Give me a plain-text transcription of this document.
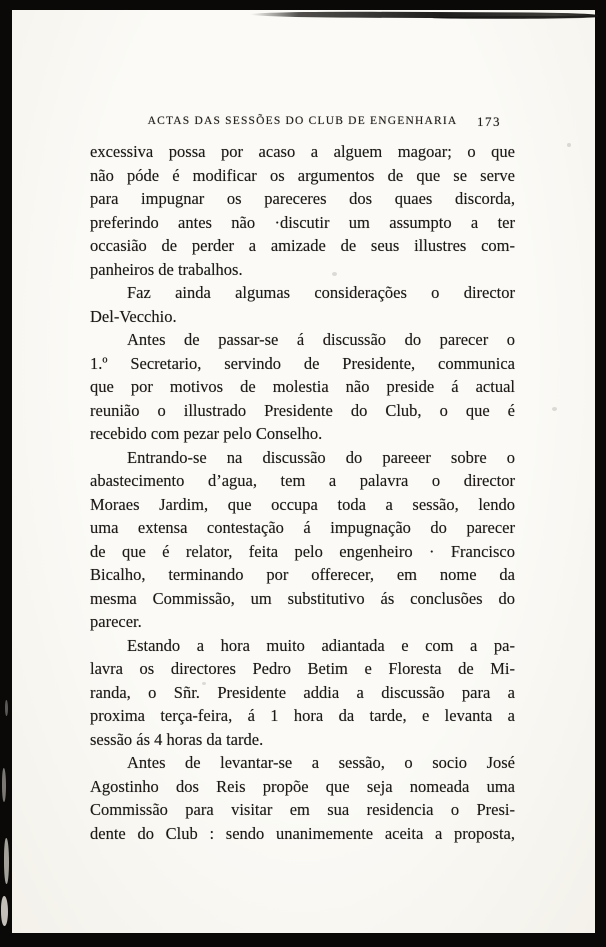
ACTAS DAS SESSÕES DO CLUB DE ENGENHARIA 173
excessiva possa por acaso a alguem magoar; o que
não póde é modificar os argumentos de que se serve
para impugnar os pareceres dos quaes discorda,
preferindo antes não ·discutir um assumpto a ter
occasião de perder a amizade de seus illustres com-
panheiros de trabalhos.
Faz ainda algumas considerações o director
Del-Vecchio.
Antes de passar-se á discussão do parecer o
1.º Secretario, servindo de Presidente, communica
que por motivos de molestia não preside á actual
reunião o illustrado Presidente do Club, o que é
recebido com pezar pelo Conselho.
Entrando-se na discussão do pareeer sobre o
abastecimento d’agua, tem a palavra o director
Moraes Jardim, que occupa toda a sessão, lendo
uma extensa contestação á impugnação do parecer
de que é relator, feita pelo engenheiro · Francisco
Bicalho, terminando por offerecer, em nome da
mesma Commissão, um substitutivo ás conclusões do
parecer.
Estando a hora muito adiantada e com a pa-
lavra os directores Pedro Betim e Floresta de Mi-
randa, o Sñr. Presidente addia a discussão para a
proxima terça-feira, á 1 hora da tarde, e levanta a
sessão ás 4 horas da tarde.
Antes de levantar-se a sessão, o socio José
Agostinho dos Reis propõe que seja nomeada uma
Commissão para visitar em sua residencia o Presi-
dente do Club : sendo unanimemente aceita a proposta,
